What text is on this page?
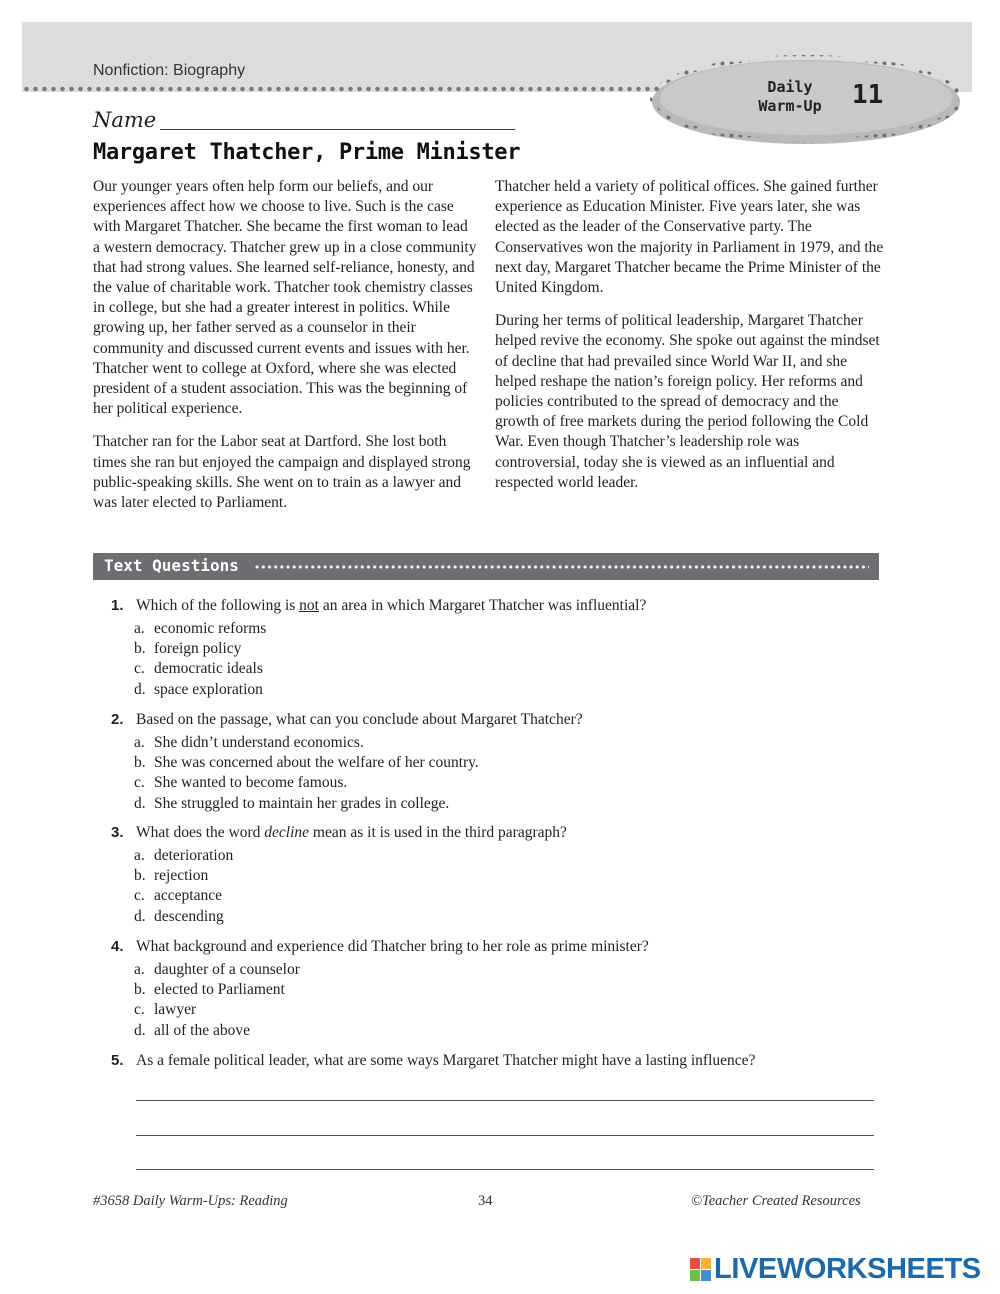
Nonfiction: Biography
Daily
Warm-Up	11
Name
Margaret Thatcher, Prime Minister

Our younger years often help form our beliefs, and our experiences affect how we choose to live. Such is the case with Margaret Thatcher. She became the first woman to lead a western democracy. Thatcher grew up in a close community that had strong values. She learned self-reliance, honesty, and the value of charitable work. Thatcher took chemistry classes in college, but she had a greater interest in politics. While growing up, her father served as a counselor in their community and discussed current events and issues with her. Thatcher went to college at Oxford, where she was elected president of a student association. This was the beginning of her political experience.

Thatcher ran for the Labor seat at Dartford. She lost both times she ran but enjoyed the campaign and displayed strong public-speaking skills. She went on to train as a lawyer and was later elected to Parliament.

Thatcher held a variety of political offices. She gained further experience as Education Minister. Five years later, she was elected as the leader of the Conservative party. The Conservatives won the majority in Parliament in 1979, and the next day, Margaret Thatcher became the Prime Minister of the United Kingdom.

During her terms of political leadership, Margaret Thatcher helped revive the economy. She spoke out against the mindset of decline that had prevailed since World War II, and she helped reshape the nation’s foreign policy. Her reforms and policies contributed to the spread of democracy and the growth of free markets during the period following the Cold War. Even though Thatcher’s leadership role was controversial, today she is viewed as an influential and respected world leader.

Text Questions
1. Which of the following is not an area in which Margaret Thatcher was influential?
a. economic reforms
b. foreign policy
c. democratic ideals
d. space exploration
2. Based on the passage, what can you conclude about Margaret Thatcher?
a. She didn’t understand economics.
b. She was concerned about the welfare of her country.
c. She wanted to become famous.
d. She struggled to maintain her grades in college.
3. What does the word decline mean as it is used in the third paragraph?
a. deterioration
b. rejection
c. acceptance
d. descending
4. What background and experience did Thatcher bring to her role as prime minister?
a. daughter of a counselor
b. elected to Parliament
c. lawyer
d. all of the above
5. As a female political leader, what are some ways Margaret Thatcher might have a lasting influence?
#3658 Daily Warm-Ups: Reading	34	©Teacher Created Resources
LIVEWORKSHEETS
